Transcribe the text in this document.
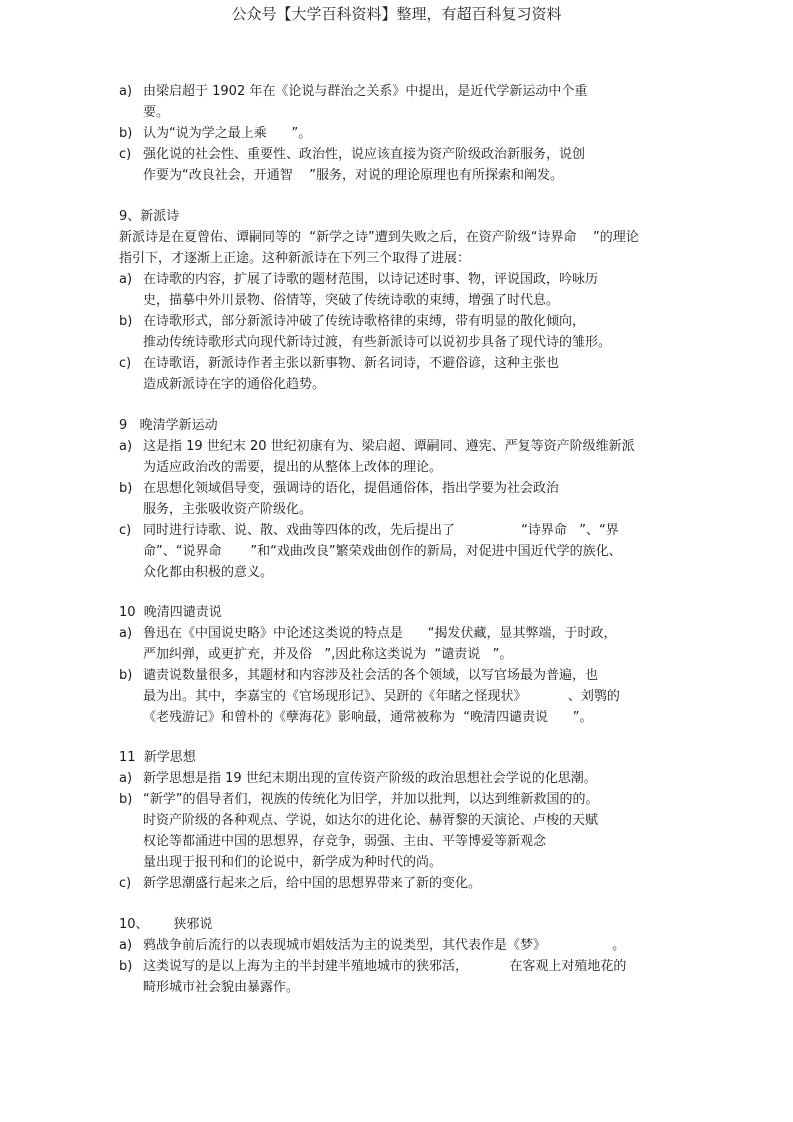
公众号【大学百科资料】整理，有超百科复习资料
a) 由梁启超于 1902 年在《论说与群治之关系》中提出，是近代学新运动中个重
要。
b) 认为“说为学之最上乘      ”。
c) 强化说的社会性、重要性、政治性，说应该直接为资产阶级政治新服务，说创
作要为“改良社会，开通智    ”服务，对说的理论原理也有所探索和阐发。
9、新派诗
新派诗是在夏曾佑、谭嗣同等的  “新学之诗”遭到失败之后，在资产阶级“诗界命    ”的理论
指引下，才逐渐上正途。这种新派诗在下列三个取得了进展：
a) 在诗歌的内容，扩展了诗歌的题材范围，以诗记述时事、物，评说国政，吟咏历
史，描摹中外川景物、俗情等，突破了传统诗歌的束缚，增强了时代息。
b) 在诗歌形式，部分新派诗冲破了传统诗歌格律的束缚，带有明显的散化倾向，
推动传统诗歌形式向现代新诗过渡，有些新派诗可以说初步具备了现代诗的雏形。
c) 在诗歌语，新派诗作者主张以新事物、新名词诗，不避俗谚，这种主张也
造成新派诗在字的通俗化趋势。
9   晚清学新运动
a) 这是指 19 世纪末 20 世纪初康有为、梁启超、谭嗣同、遵宪、严复等资产阶级维新派
为适应政治改的需要，提出的从整体上改体的理论。
b) 在思想化领域倡导变，强调诗的语化，提倡通俗体，指出学要为社会政治
服务，主张吸收资产阶级化。
c) 同时进行诗歌、说、散、戏曲等四体的改，先后提出了                “诗界命   ”、“界
命”、“说界命       ”和“戏曲改良”繁荣戏曲创作的新局，对促进中国近代学的族化、
众化都由积极的意义。
10  晚清四谴责说
a) 鲁迅在《中国说史略》中论述这类说的特点是      “揭发伏藏，显其弊端，于时政，
严加纠弹，或更扩充，并及俗   ”,因此称这类说为  “谴责说   ”。
b) 谴责说数量很多，其题材和内容涉及社会活的各个领域，以写官场最为普遍，也
最为出。其中，李嘉宝的《官场现形记》、吴趼的《年睹之怪现状》          、刘鹗的
《老残游记》和曾朴的《孽海花》影响最，通常被称为  “晚清四谴责说      ”。
11  新学思想
a) 新学思想是指 19 世纪末期出现的宣传资产阶级的政治思想社会学说的化思潮。
b) “新学”的倡导者们，视族的传统化为旧学，并加以批判，以达到维新救国的的。
时资产阶级的各种观点、学说，如达尔的进化论、赫胥黎的天演论、卢梭的天赋
权论等都涌进中国的思想界，存竞争，弱强、主由、平等博爱等新观念
量出现于报刊和们的论说中，新学成为种时代的尚。
c) 新学思潮盛行起来之后，给中国的思想界带来了新的变化。
10、      狭邪说
a) 鸦战争前后流行的以表现城市娼妓活为主的说类型，其代表作是《梦》                。
b) 这类说写的是以上海为主的半封建半殖地城市的狭邪活，          在客观上对殖地花的
畸形城市社会貌由暴露作。
